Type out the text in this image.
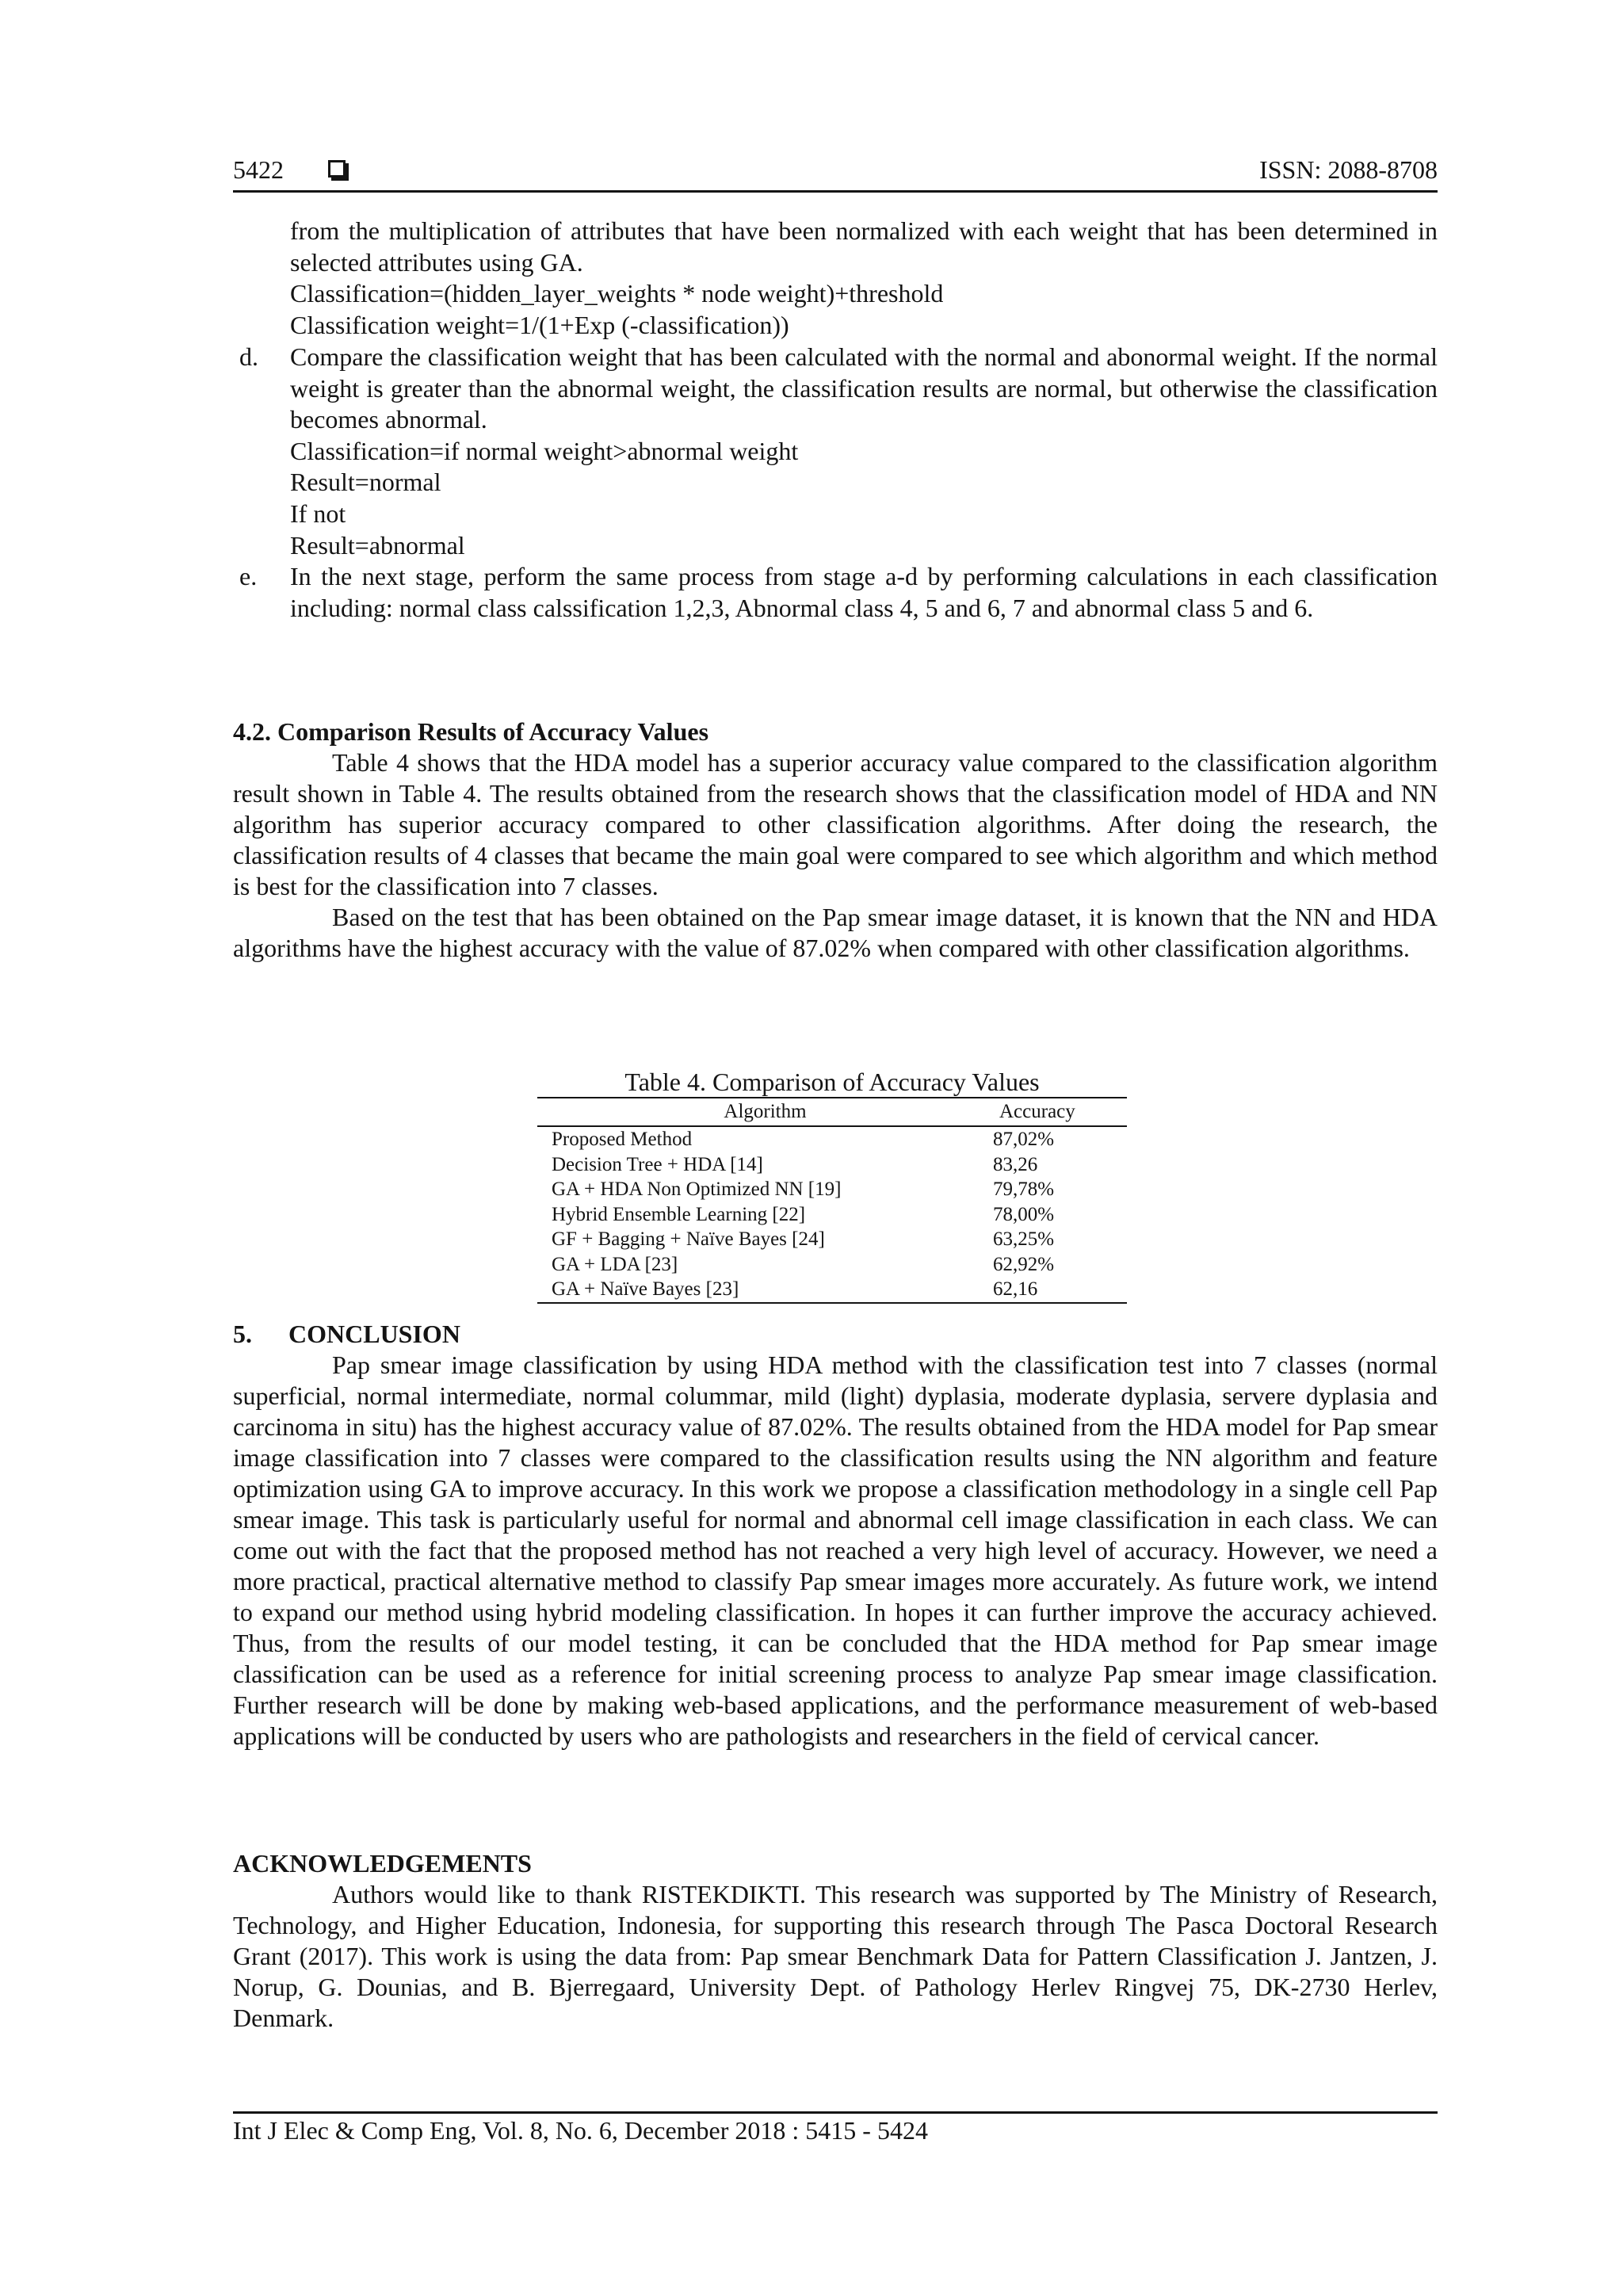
5422	ISSN: 2088-8708

from the multiplication of attributes that have been normalized with each weight that has been determined in selected attributes using GA.

Classification=(hidden_layer_weights * node weight)+threshold

Classification weight=1/(1+Exp (-classification))

d. Compare the classification weight that has been calculated with the normal and abonormal weight. If the normal weight is greater than the abnormal weight, the classification results are normal, but otherwise the classification becomes abnormal.

Classification=if normal weight>abnormal weight

Result=normal

If not

Result=abnormal

e. In the next stage, perform the same process from stage a-d by performing calculations in each classification including: normal class calssification 1,2,3, Abnormal class 4, 5 and 6, 7 and abnormal class 5 and 6.

4.2. Comparison Results of Accuracy Values

Table 4 shows that the HDA model has a superior accuracy value compared to the classification algorithm result shown in Table 4. The results obtained from the research shows that the classification model of HDA and NN algorithm has superior accuracy compared to other classification algorithms. After doing the research, the classification results of 4 classes that became the main goal were compared to see which algorithm and which method is best for the classification into 7 classes.

Based on the test that has been obtained on the Pap smear image dataset, it is known that the NN and HDA algorithms have the highest accuracy with the value of 87.02% when compared with other classification algorithms.

Table 4. Comparison of Accuracy Values
Algorithm	Accuracy
Proposed Method	87,02%
Decision Tree + HDA [14]	83,26
GA + HDA Non Optimized NN [19]	79,78%
Hybrid Ensemble Learning [22]	78,00%
GF + Bagging + Naïve Bayes [24]	63,25%
GA + LDA [23]	62,92%
GA + Naïve Bayes [23]	62,16

5. CONCLUSION

Pap smear image classification by using HDA method with the classification test into 7 classes (normal superficial, normal intermediate, normal colummar, mild (light) dyplasia, moderate dyplasia, servere dyplasia and carcinoma in situ) has the highest accuracy value of 87.02%. The results obtained from the HDA model for Pap smear image classification into 7 classes were compared to the classification results using the NN algorithm and feature optimization using GA to improve accuracy. In this work we propose a classification methodology in a single cell Pap smear image. This task is particularly useful for normal and abnormal cell image classification in each class. We can come out with the fact that the proposed method has not reached a very high level of accuracy. However, we need a more practical, practical alternative method to classify Pap smear images more accurately. As future work, we intend to expand our method using hybrid modeling classification. In hopes it can further improve the accuracy achieved. Thus, from the results of our model testing, it can be concluded that the HDA method for Pap smear image classification can be used as a reference for initial screening process to analyze Pap smear image classification. Further research will be done by making web-based applications, and the performance measurement of web-based applications will be conducted by users who are pathologists and researchers in the field of cervical cancer.

ACKNOWLEDGEMENTS

Authors would like to thank RISTEKDIKTI. This research was supported by The Ministry of Research, Technology, and Higher Education, Indonesia, for supporting this research through The Pasca Doctoral Research Grant (2017). This work is using the data from: Pap smear Benchmark Data for Pattern Classification J. Jantzen, J. Norup, G. Dounias, and B. Bjerregaard, University Dept. of Pathology Herlev Ringvej 75, DK-2730 Herlev, Denmark.

Int J Elec & Comp Eng, Vol. 8, No. 6, December 2018 : 5415 - 5424
